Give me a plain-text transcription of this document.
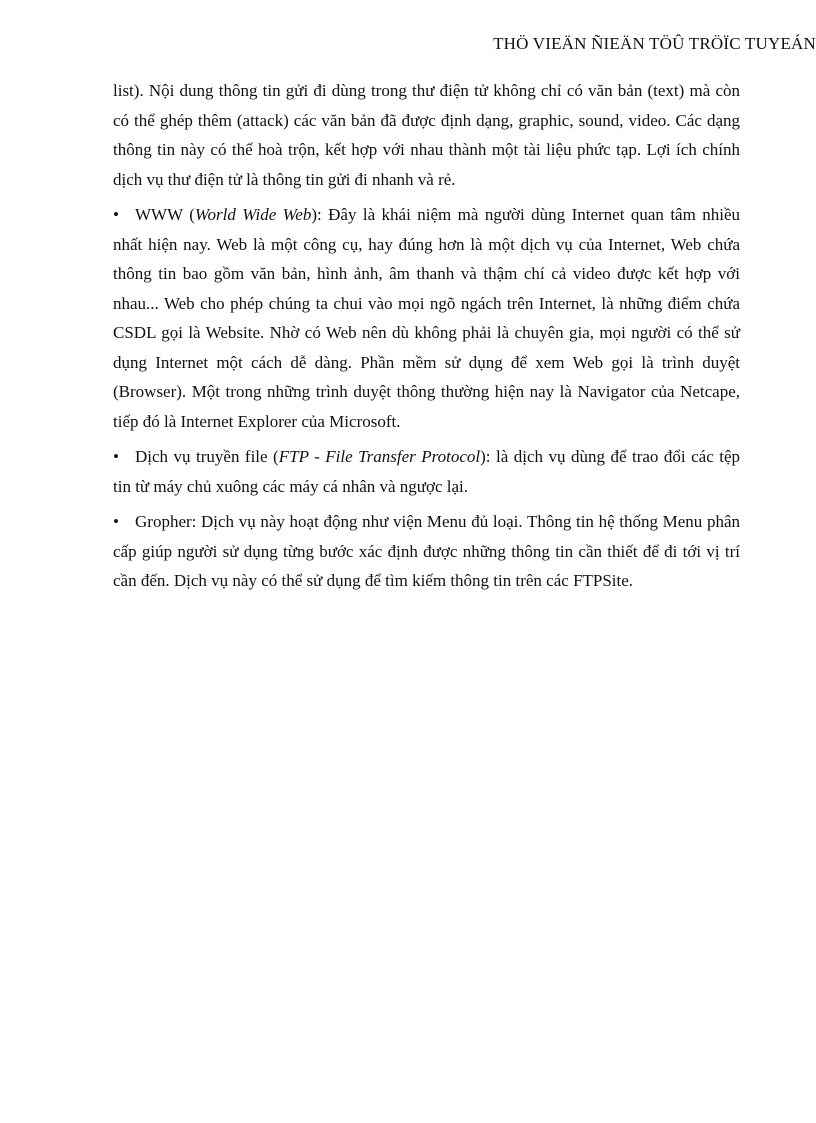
THÖ VIEÄN ÑIEÄN TÖÛ TRÖÏC TUYEÁN

list). Nội dung thông tin gửi đi dùng trong thư điện tử không chỉ có văn bản (text) mà còn có thể ghép thêm (attack) các văn bản đã được định dạng, graphic, sound, video. Các dạng thông tin này có thể hoà trộn, kết hợp với nhau thành một tài liệu phức tạp. Lợi ích chính dịch vụ thư điện tử là thông tin gửi đi nhanh và rẻ.

• WWW (World Wide Web): Đây là khái niệm mà người dùng Internet quan tâm nhiều nhất hiện nay. Web là một công cụ, hay đúng hơn là một dịch vụ của Internet, Web chứa thông tin bao gồm văn bản, hình ảnh, âm thanh và thậm chí cả video được kết hợp với nhau... Web cho phép chúng ta chui vào mọi ngõ ngách trên Internet, là những điểm chứa CSDL gọi là Website. Nhờ có Web nên dù không phải là chuyên gia, mọi người có thể sử dụng Internet một cách dễ dàng. Phần mềm sử dụng để xem Web gọi là trình duyệt (Browser). Một trong những trình duyệt thông thường hiện nay là Navigator của Netcape, tiếp đó là Internet Explorer của Microsoft.

• Dịch vụ truyền file (FTP - File Transfer Protocol): là dịch vụ dùng để trao đổi các tệp tin từ máy chủ xuông các máy cá nhân và ngược lại.

• Gropher: Dịch vụ này hoạt động như viện Menu đủ loại. Thông tin hệ thống Menu phân cấp giúp người sử dụng từng bước xác định được những thông tin cần thiết để đi tới vị trí cần đến. Dịch vụ này có thể sử dụng để tìm kiếm thông tin trên các FTPSite.
